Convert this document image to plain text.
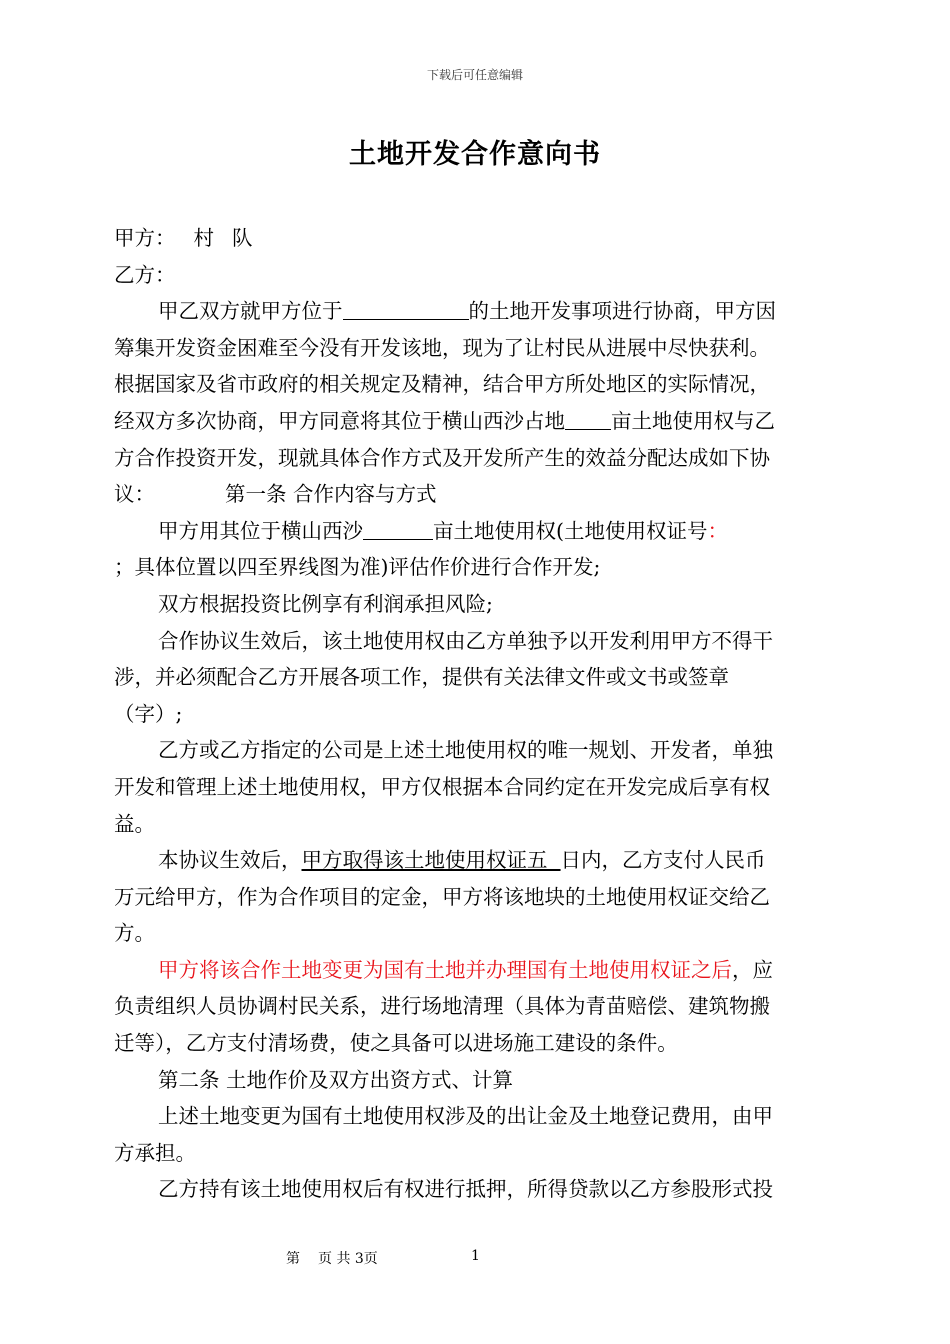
下载后可任意编辑
土地开发合作意向书
甲方： 村 队
乙方：
甲乙双方就甲方位于	的土地开发事项进行协商，甲方因
筹集开发资金困难至今没有开发该地，现为了让村民从进展中尽快获利。
根据国家及省市政府的相关规定及精神，结合甲方所处地区的实际情况，
经双方多次协商，甲方同意将其位于横山西沙占地 亩土地使用权与乙
方合作投资开发，现就具体合作方式及开发所产生的效益分配达成如下协
议：	第一条 合作内容与方式
甲方用其位于横山西沙	亩土地使用权(土地使用权证号：
；具体位置以四至界线图为准)评估作价进行合作开发;
双方根据投资比例享有利润承担风险;
合作协议生效后，该土地使用权由乙方单独予以开发利用甲方不得干
涉，并必须配合乙方开展各项工作，提供有关法律文件或文书或签章
（字）;
乙方或乙方指定的公司是上述土地使用权的唯一规划、开发者，单独
开发和管理上述土地使用权，甲方仅根据本合同约定在开发完成后享有权
益。
本协议生效后，甲方取得该土地使用权证五 日内，乙方支付人民币
万元给甲方，作为合作项目的定金，甲方将该地块的土地使用权证交给乙
方。
甲方将该合作土地变更为国有土地并办理国有土地使用权证之后，应
负责组织人员协调村民关系，进行场地清理（具体为青苗赔偿、建筑物搬
迁等），乙方支付清场费，使之具备可以进场施工建设的条件。
第二条 土地作价及双方出资方式、计算
上述土地变更为国有土地使用权涉及的出让金及土地登记费用，由甲
方承担。
乙方持有该土地使用权后有权进行抵押，所得贷款以乙方参股形式投
第 页 共 3页	1
